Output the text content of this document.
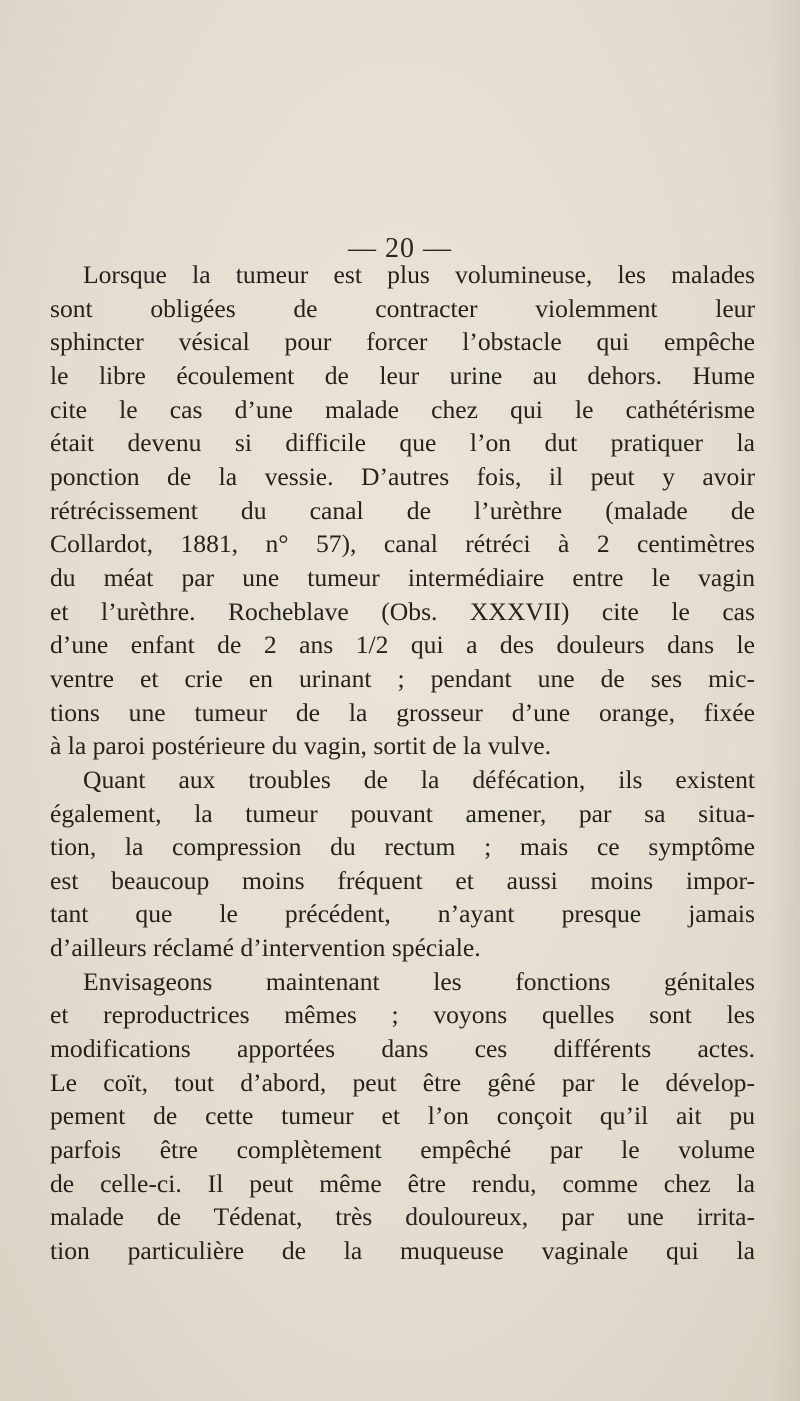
— 20 —
Lorsque la tumeur est plus volumineuse, les malades
sont obligées de contracter violemment leur
sphincter vésical pour forcer l’obstacle qui empêche
le libre écoulement de leur urine au dehors. Hume
cite le cas d’une malade chez qui le cathétérisme
était devenu si difficile que l’on dut pratiquer la
ponction de la vessie. D’autres fois, il peut y avoir
rétrécissement du canal de l’urèthre (malade de
Collardot, 1881, n° 57), canal rétréci à 2 centimètres
du méat par une tumeur intermédiaire entre le vagin
et l’urèthre. Rocheblave (Obs. XXXVII) cite le cas
d’une enfant de 2 ans 1/2 qui a des douleurs dans le
ventre et crie en urinant ; pendant une de ses mic-
tions une tumeur de la grosseur d’une orange, fixée
à la paroi postérieure du vagin, sortit de la vulve.
Quant aux troubles de la défécation, ils existent
également, la tumeur pouvant amener, par sa situa-
tion, la compression du rectum ; mais ce symptôme
est beaucoup moins fréquent et aussi moins impor-
tant que le précédent, n’ayant presque jamais
d’ailleurs réclamé d’intervention spéciale.
Envisageons maintenant les fonctions génitales
et reproductrices mêmes ; voyons quelles sont les
modifications apportées dans ces différents actes.
Le coït, tout d’abord, peut être gêné par le dévelop-
pement de cette tumeur et l’on conçoit qu’il ait pu
parfois être complètement empêché par le volume
de celle-ci. Il peut même être rendu, comme chez la
malade de Tédenat, très douloureux, par une irrita-
tion particulière de la muqueuse vaginale qui la
